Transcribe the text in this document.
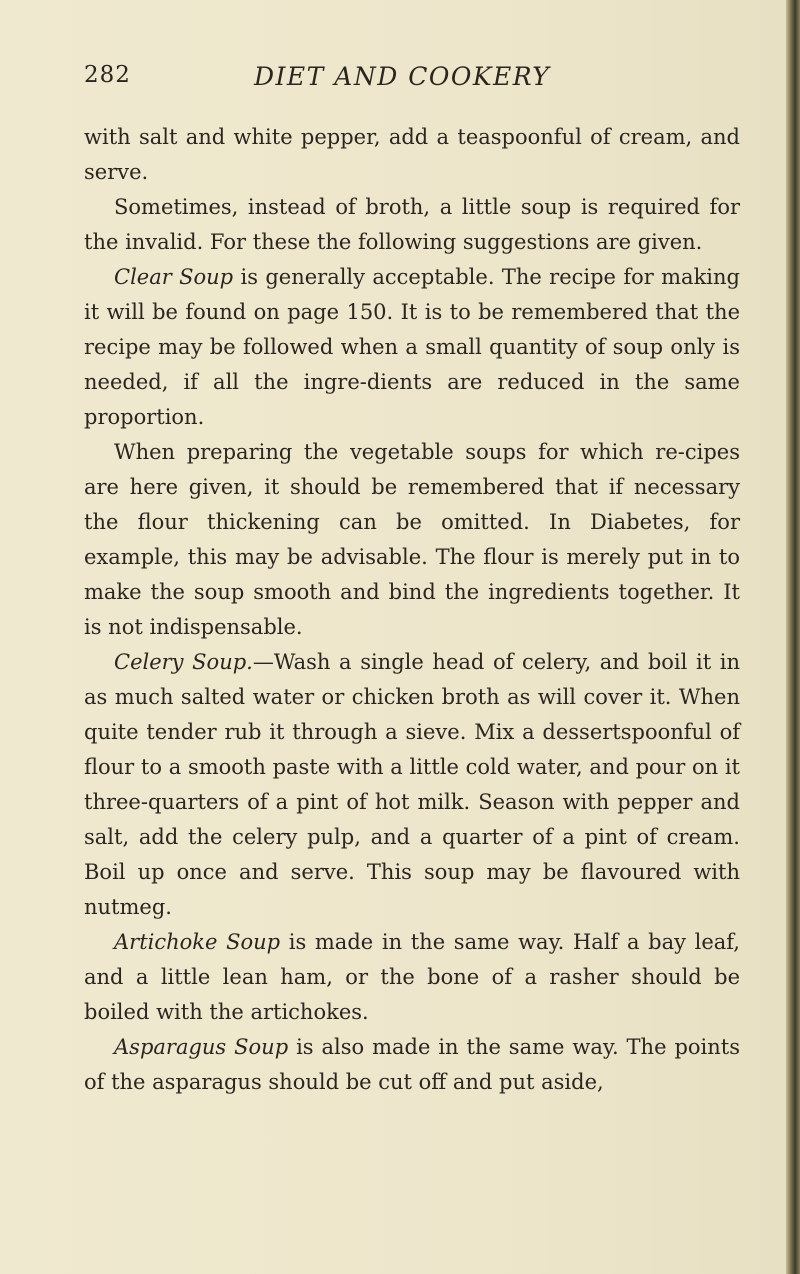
282	DIET AND COOKERY

with salt and white pepper, add a teaspoonful of cream, and serve.

Sometimes, instead of broth, a little soup is required for the invalid. For these the following suggestions are given.

Clear Soup is generally acceptable. The recipe for making it will be found on page 150. It is to be remembered that the recipe may be followed when a small quantity of soup only is needed, if all the ingre-dients are reduced in the same proportion.

When preparing the vegetable soups for which re-cipes are here given, it should be remembered that if necessary the flour thickening can be omitted. In Diabetes, for example, this may be advisable. The flour is merely put in to make the soup smooth and bind the ingredients together. It is not indispensable.

Celery Soup.—Wash a single head of celery, and boil it in as much salted water or chicken broth as will cover it. When quite tender rub it through a sieve. Mix a dessertspoonful of flour to a smooth paste with a little cold water, and pour on it three-quarters of a pint of hot milk. Season with pepper and salt, add the celery pulp, and a quarter of a pint of cream. Boil up once and serve. This soup may be flavoured with nutmeg.

Artichoke Soup is made in the same way. Half a bay leaf, and a little lean ham, or the bone of a rasher should be boiled with the artichokes.

Asparagus Soup is also made in the same way. The points of the asparagus should be cut off and put aside,
